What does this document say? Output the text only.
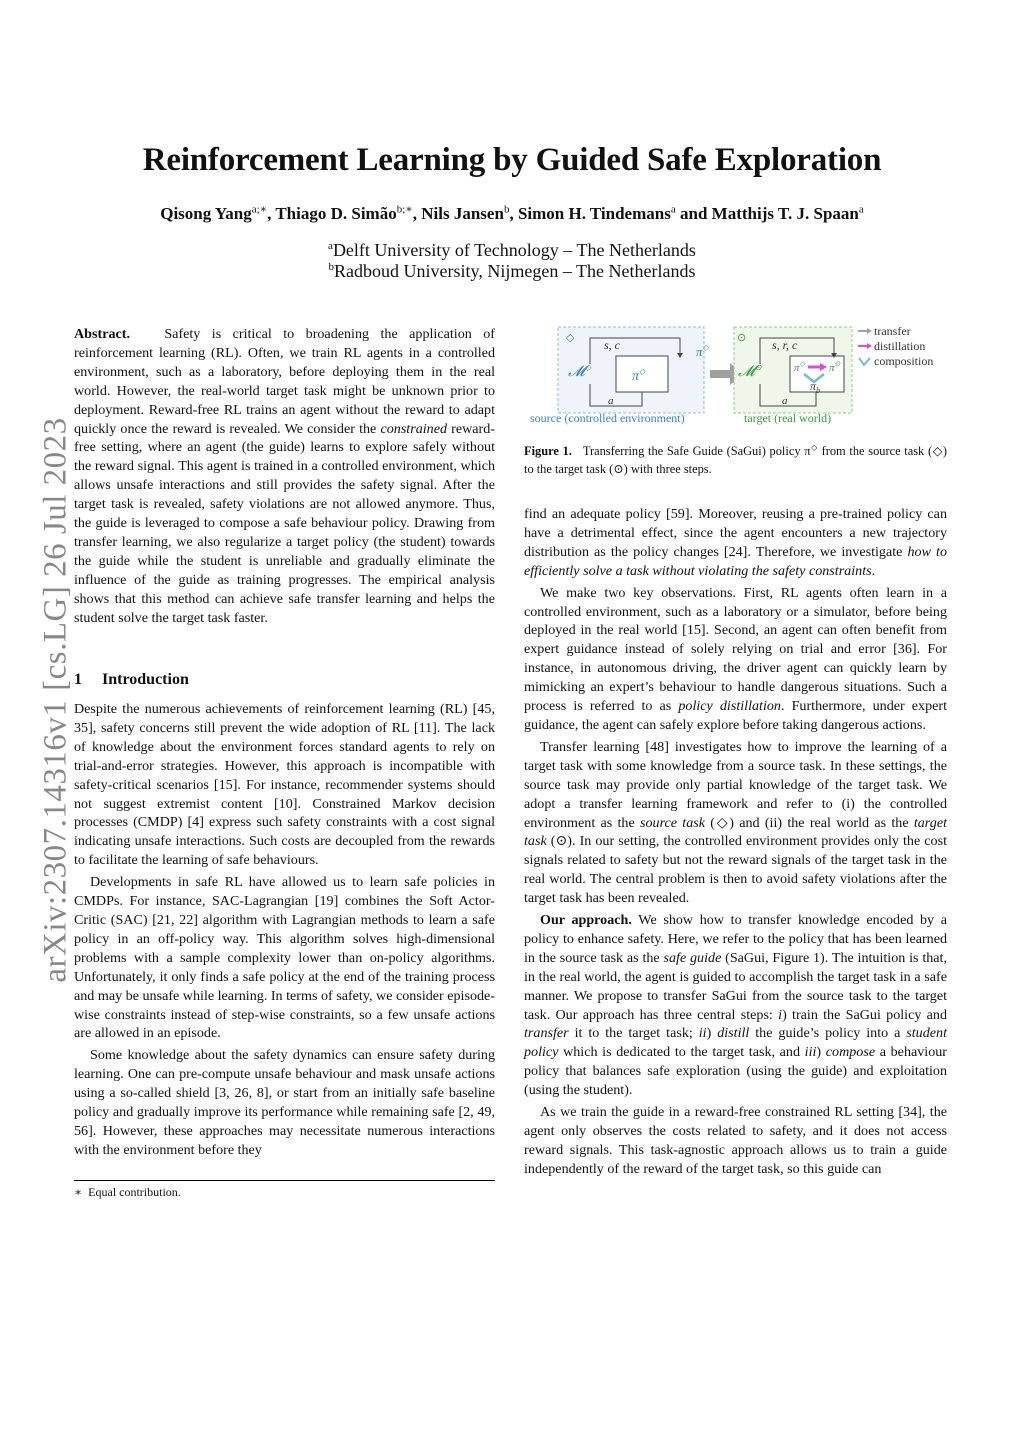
arXiv:2307.14316v1 [cs.LG] 26 Jul 2023
Reinforcement Learning by Guided Safe Exploration
Qisong Yang$^{a;∗}$, Thiago D. Simão$^{b;∗}$, Nils Jansen$^b$, Simon H. Tindemans$^a$ and Matthijs T. J. Spaan$^a$
$^a$Delft University of Technology – The Netherlands
$^b$Radboud University, Nijmegen – The Netherlands

Abstract. Safety is critical to broadening the application of reinforcement learning (RL). Often, we train RL agents in a controlled environment, such as a laboratory, before deploying them in the real world. However, the real-world target task might be unknown prior to deployment. Reward-free RL trains an agent without the reward to adapt quickly once the reward is revealed. We consider the constrained reward-free setting, where an agent (the guide) learns to explore safely without the reward signal. This agent is trained in a controlled environment, which allows unsafe interactions and still provides the safety signal. After the target task is revealed, safety violations are not allowed anymore. Thus, the guide is leveraged to compose a safe behaviour policy. Drawing from transfer learning, we also regularize a target policy (the student) towards the guide while the student is unreliable and gradually eliminate the influence of the guide as training progresses. The empirical analysis shows that this method can achieve safe transfer learning and helps the student solve the target task faster.

1 Introduction

Despite the numerous achievements of reinforcement learning (RL) [45, 35], safety concerns still prevent the wide adoption of RL [11]. The lack of knowledge about the environment forces standard agents to rely on trial-and-error strategies. However, this approach is incompatible with safety-critical scenarios [15]. For instance, recommender systems should not suggest extremist content [10]. Constrained Markov decision processes (CMDP) [4] express such safety constraints with a cost signal indicating unsafe interactions. Such costs are decoupled from the rewards to facilitate the learning of safe behaviours.

Developments in safe RL have allowed us to learn safe policies in CMDPs. For instance, SAC-Lagrangian [19] combines the Soft Actor-Critic (SAC) [21, 22] algorithm with Lagrangian methods to learn a safe policy in an off-policy way. This algorithm solves high-dimensional problems with a sample complexity lower than on-policy algorithms. Unfortunately, it only finds a safe policy at the end of the training process and may be unsafe while learning. In terms of safety, we consider episode-wise constraints instead of step-wise constraints, so a few unsafe actions are allowed in an episode.

Some knowledge about the safety dynamics can ensure safety during learning. One can pre-compute unsafe behaviour and mask unsafe actions using a so-called shield [3, 26, 8], or start from an initially safe baseline policy and gradually improve its performance while remaining safe [2, 49, 56]. However, these approaches may necessitate numerous interactions with the environment before they

∗ Equal contribution.
◇ s, c
π◇
𝓜◇
a
source (controlled environment)
π◇
⊙ s, r, c
π◇ π⊙
$\pi_b$
𝓜⊙
a
target (real world)
transfer
distillation
composition
Figure 1. Transferring the Safe Guide (SaGui) policy π◇ from the source task (◇) to the target task (⊙) with three steps.

find an adequate policy [59]. Moreover, reusing a pre-trained policy can have a detrimental effect, since the agent encounters a new trajectory distribution as the policy changes [24]. Therefore, we investigate how to efficiently solve a task without violating the safety constraints.

We make two key observations. First, RL agents often learn in a controlled environment, such as a laboratory or a simulator, before being deployed in the real world [15]. Second, an agent can often benefit from expert guidance instead of solely relying on trial and error [36]. For instance, in autonomous driving, the driver agent can quickly learn by mimicking an expert’s behaviour to handle dangerous situations. Such a process is referred to as policy distillation. Furthermore, under expert guidance, the agent can safely explore before taking dangerous actions.

Transfer learning [48] investigates how to improve the learning of a target task with some knowledge from a source task. In these settings, the source task may provide only partial knowledge of the target task. We adopt a transfer learning framework and refer to (i) the controlled environment as the source task (◇) and (ii) the real world as the target task (⊙). In our setting, the controlled environment provides only the cost signals related to safety but not the reward signals of the target task in the real world. The central problem is then to avoid safety violations after the target task has been revealed.

Our approach. We show how to transfer knowledge encoded by a policy to enhance safety. Here, we refer to the policy that has been learned in the source task as the safe guide (SaGui, Figure 1). The intuition is that, in the real world, the agent is guided to accomplish the target task in a safe manner. We propose to transfer SaGui from the source task to the target task. Our approach has three central steps: i) train the SaGui policy and transfer it to the target task; ii) distill the guide’s policy into a student policy which is dedicated to the target task, and iii) compose a behaviour policy that balances safe exploration (using the guide) and exploitation (using the student).

As we train the guide in a reward-free constrained RL setting [34], the agent only observes the costs related to safety, and it does not access reward signals. This task-agnostic approach allows us to train a guide independently of the reward of the target task, so this guide can
